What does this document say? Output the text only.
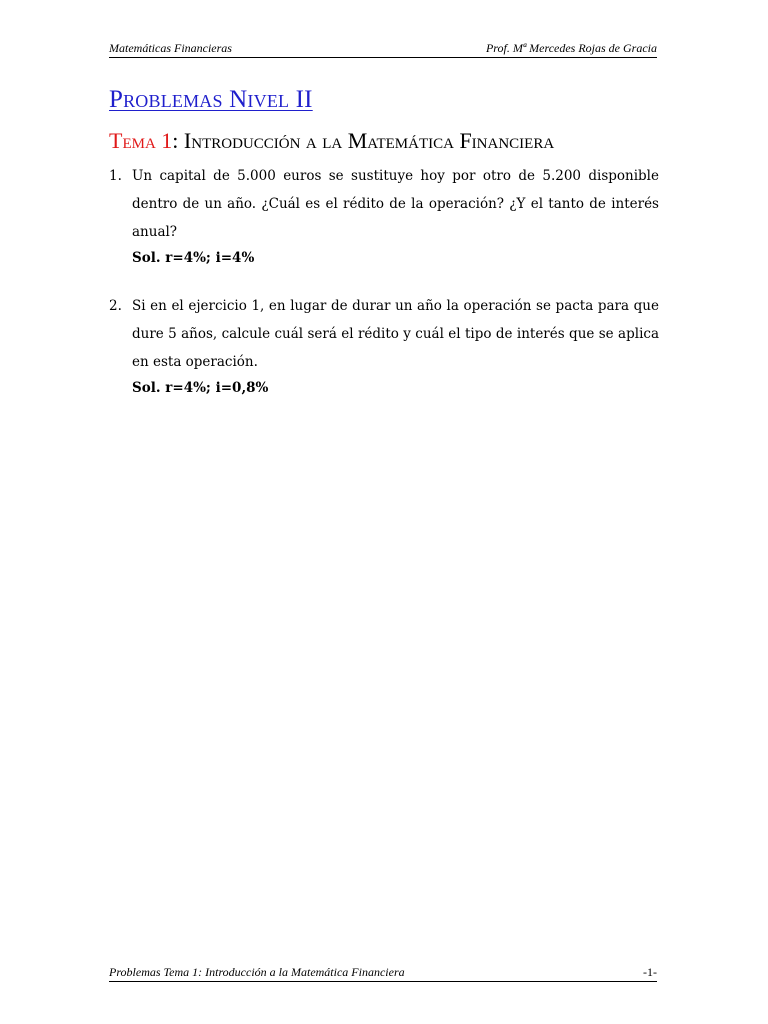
Matemáticas Financieras	Prof. Mª Mercedes Rojas de Gracia
Problemas Nivel II
Tema 1: Introducción a la Matemática Financiera
1. Un capital de 5.000 euros se sustituye hoy por otro de 5.200 disponible dentro de un año. ¿Cuál es el rédito de la operación? ¿Y el tanto de interés anual?

Sol. r=4%; i=4%

2. Si en el ejercicio 1, en lugar de durar un año la operación se pacta para que dure 5 años, calcule cuál será el rédito y cuál el tipo de interés que se aplica en esta operación.

Sol. r=4%; i=0,8%

Problemas Tema 1: Introducción a la Matemática Financiera	-1-
